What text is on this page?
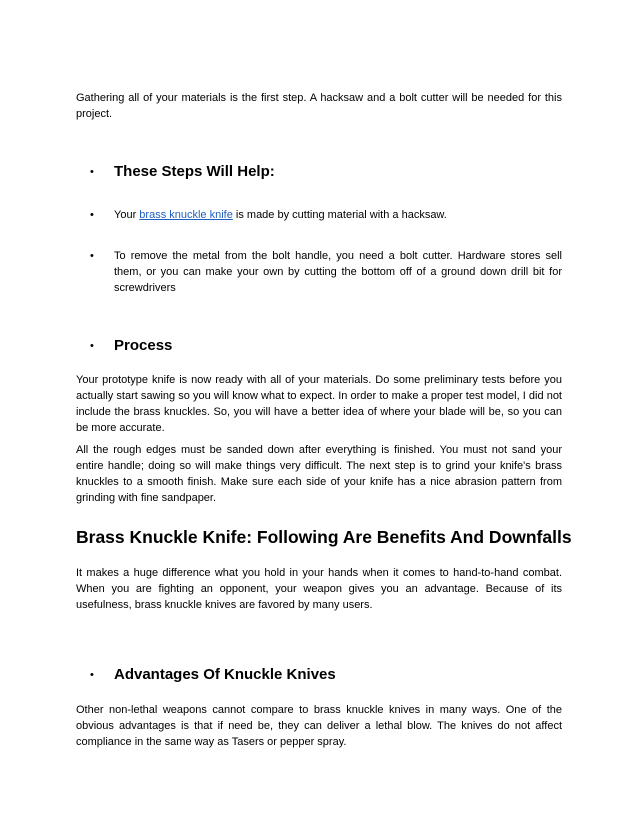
Gathering all of your materials is the first step. A hacksaw and a bolt cutter will be needed for this project.

•	These Steps Will Help:
•	Your brass knuckle knife is made by cutting material with a hacksaw.

•	To remove the metal from the bolt handle, you need a bolt cutter. Hardware stores sell them, or you can make your own by cutting the bottom off of a ground down drill bit for screwdrivers

•	Process

Your prototype knife is now ready with all of your materials. Do some preliminary tests before you actually start sawing so you will know what to expect. In order to make a proper test model, I did not include the brass knuckles. So, you will have a better idea of where your blade will be, so you can be more accurate.

All the rough edges must be sanded down after everything is finished. You must not sand your entire handle; doing so will make things very difficult. The next step is to grind your knife's brass knuckles to a smooth finish. Make sure each side of your knife has a nice abrasion pattern from grinding with fine sandpaper.

Brass Knuckle Knife: Following Are Benefits And Downfalls

It makes a huge difference what you hold in your hands when it comes to hand-to-hand combat. When you are fighting an opponent, your weapon gives you an advantage. Because of its usefulness, brass knuckle knives are favored by many users.

•	Advantages Of Knuckle Knives

Other non-lethal weapons cannot compare to brass knuckle knives in many ways. One of the obvious advantages is that if need be, they can deliver a lethal blow. The knives do not affect compliance in the same way as Tasers or pepper spray.
